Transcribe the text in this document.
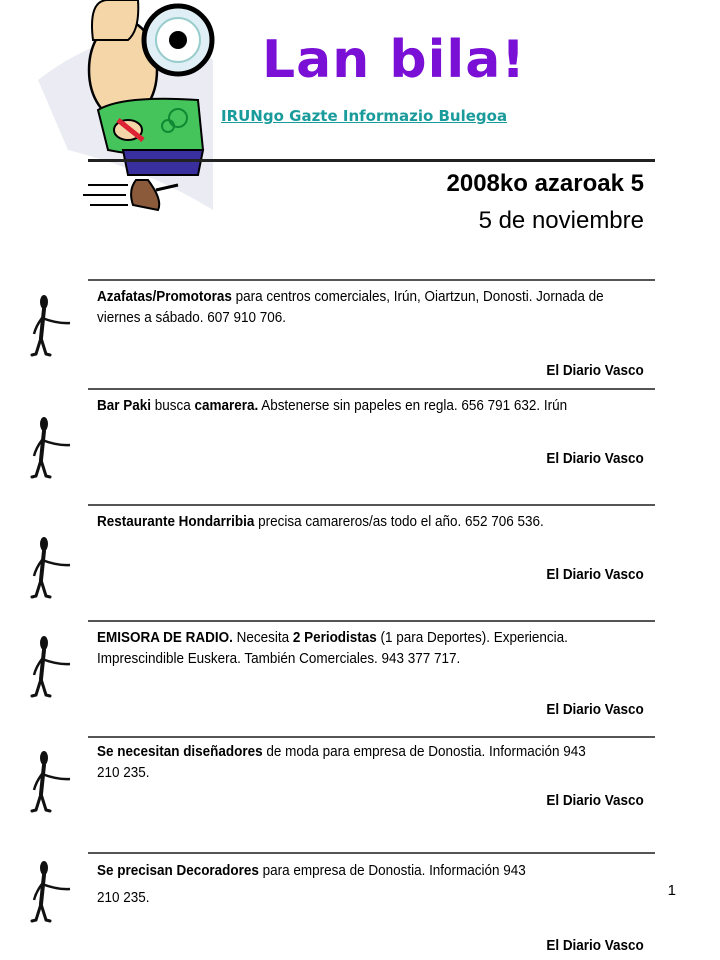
Lan bila!
IRUNgo Gazte Informazio Bulegoa
2008ko azaroak 5
5 de noviembre
Azafatas/Promotoras para centros comerciales, Irún, Oiartzun, Donosti. Jornada de viernes a sábado. 607 910 706.
El Diario Vasco
Bar Paki busca camarera. Abstenerse sin papeles en regla. 656 791 632. Irún
El Diario Vasco
Restaurante Hondarribia precisa camareros/as todo el año. 652 706 536.
El Diario Vasco
EMISORA DE RADIO. Necesita 2 Periodistas (1 para Deportes). Experiencia. Imprescindible Euskera. También Comerciales. 943 377 717.
El Diario Vasco
Se necesitan diseñadores de moda para empresa de Donostia. Información 943 210 235.
El Diario Vasco
Se precisan Decoradores para empresa de Donostia. Información 943 210 235.
El Diario Vasco
1
